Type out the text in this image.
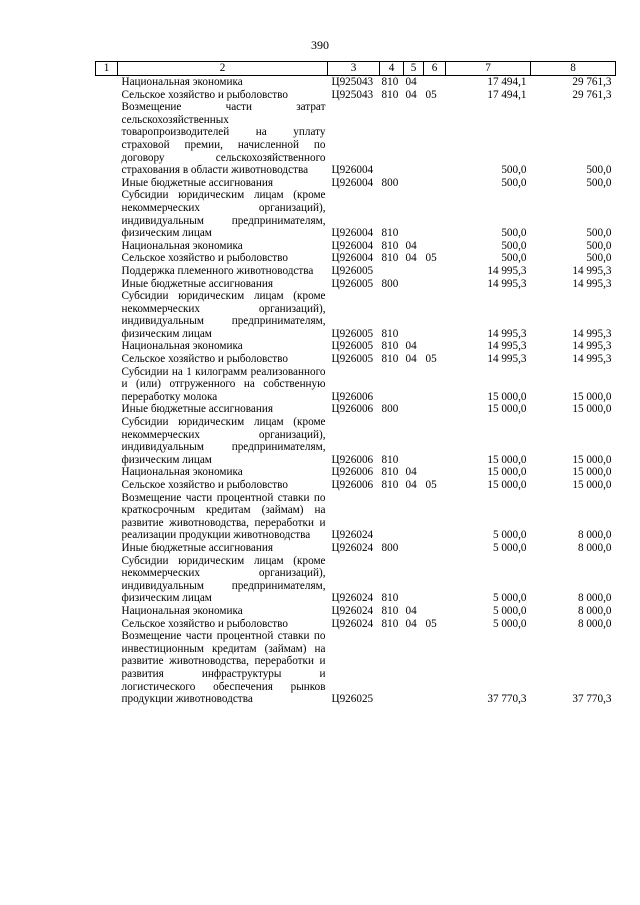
390
1	2	3	4	5	6	7	8
	Национальная экономика	Ц925043	810	04		17 494,1	29 761,3
	Сельское хозяйство и рыболовство	Ц925043	810	04	05	17 494,1	29 761,3
	Возмещение части затрат сельскохозяйственных товаропроизводителей на уплату страховой премии, начисленной по договору сельскохозяйственного страхования в области животноводства	Ц926004				500,0	500,0
	Иные бюджетные ассигнования	Ц926004	800			500,0	500,0
	Субсидии юридическим лицам (кроме некоммерческих организаций), индивидуальным предпринимателям, физическим лицам	Ц926004	810			500,0	500,0
	Национальная экономика	Ц926004	810	04		500,0	500,0
	Сельское хозяйство и рыболовство	Ц926004	810	04	05	500,0	500,0
	Поддержка племенного животноводства	Ц926005				14 995,3	14 995,3
	Иные бюджетные ассигнования	Ц926005	800			14 995,3	14 995,3
	Субсидии юридическим лицам (кроме некоммерческих организаций), индивидуальным предпринимателям, физическим лицам	Ц926005	810			14 995,3	14 995,3
	Национальная экономика	Ц926005	810	04		14 995,3	14 995,3
	Сельское хозяйство и рыболовство	Ц926005	810	04	05	14 995,3	14 995,3
	Субсидии на 1 килограмм реализованного и (или) отгруженного на собственную переработку молока	Ц926006				15 000,0	15 000,0
	Иные бюджетные ассигнования	Ц926006	800			15 000,0	15 000,0
	Субсидии юридическим лицам (кроме некоммерческих организаций), индивидуальным предпринимателям, физическим лицам	Ц926006	810			15 000,0	15 000,0
	Национальная экономика	Ц926006	810	04		15 000,0	15 000,0
	Сельское хозяйство и рыболовство	Ц926006	810	04	05	15 000,0	15 000,0
	Возмещение части процентной ставки по краткосрочным кредитам (займам) на развитие животноводства, переработки и реализации продукции животноводства	Ц926024				5 000,0	8 000,0
	Иные бюджетные ассигнования	Ц926024	800			5 000,0	8 000,0
	Субсидии юридическим лицам (кроме некоммерческих организаций), индивидуальным предпринимателям, физическим лицам	Ц926024	810			5 000,0	8 000,0
	Национальная экономика	Ц926024	810	04		5 000,0	8 000,0
	Сельское хозяйство и рыболовство	Ц926024	810	04	05	5 000,0	8 000,0
	Возмещение части процентной ставки по инвестиционным кредитам (займам) на развитие животноводства, переработки и развития инфраструктуры и логистического обеспечения рынков продукции животноводства	Ц926025				37 770,3	37 770,3
